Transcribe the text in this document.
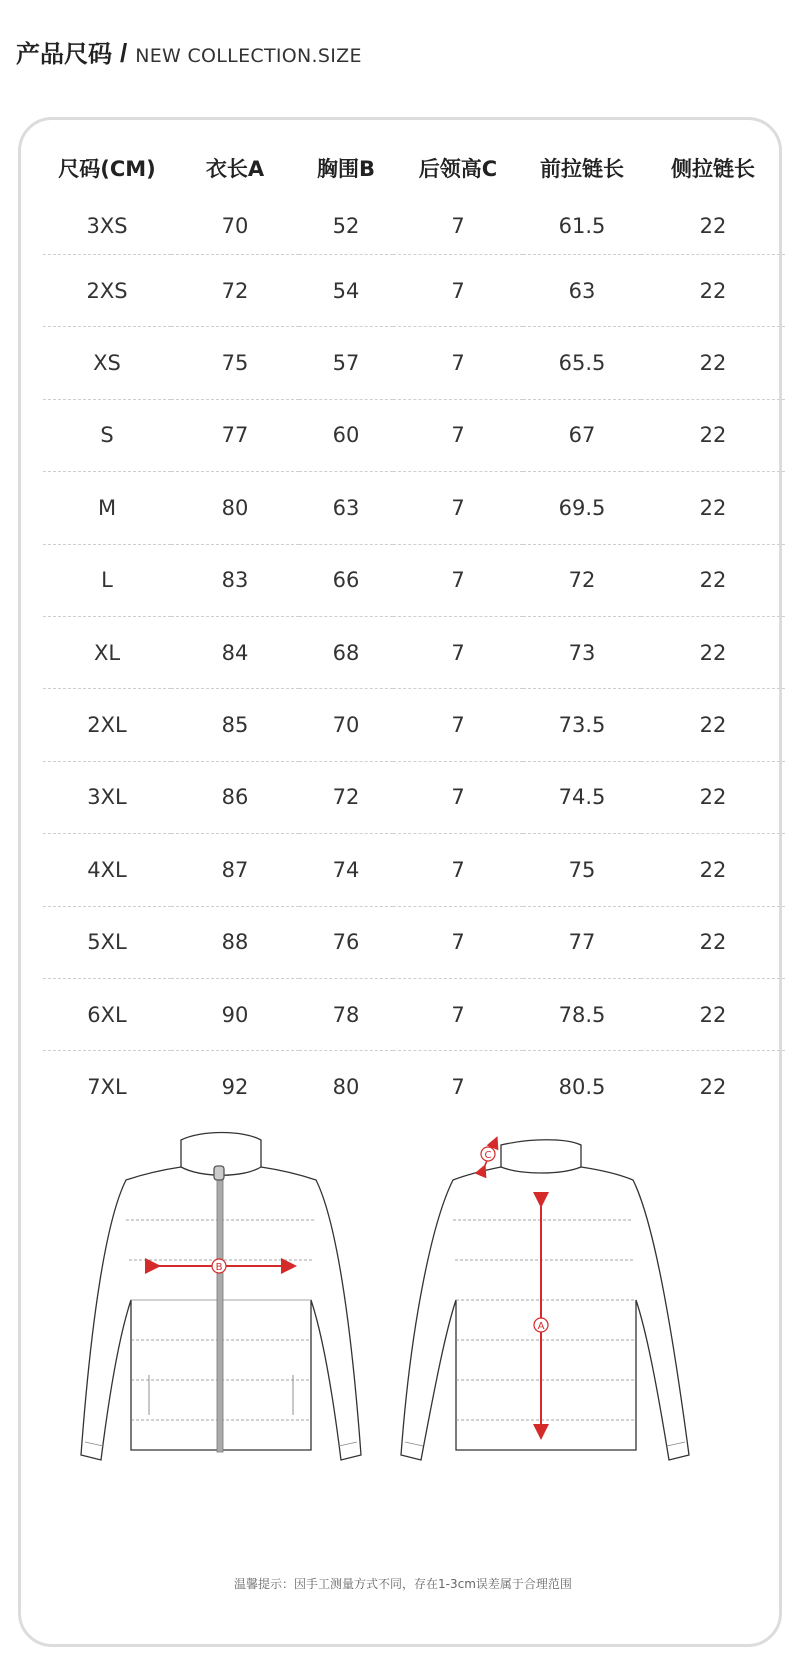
产品尺码 / NEW COLLECTION.SIZE
尺码(CM)	衣长A	胸围B	后领高C	前拉链长	侧拉链长
3XS	70	52	7	61.5	22
2XS	72	54	7	63	22
XS	75	57	7	65.5	22
S	77	60	7	67	22
M	80	63	7	69.5	22
L	83	66	7	72	22
XL	84	68	7	73	22
2XL	85	70	7	73.5	22
3XL	86	72	7	74.5	22
4XL	87	74	7	75	22
5XL	88	76	7	77	22
6XL	90	78	7	78.5	22
7XL	92	80	7	80.5	22
B
A
C
温馨提示：因手工测量方式不同，存在1-3cm误差属于合理范围
